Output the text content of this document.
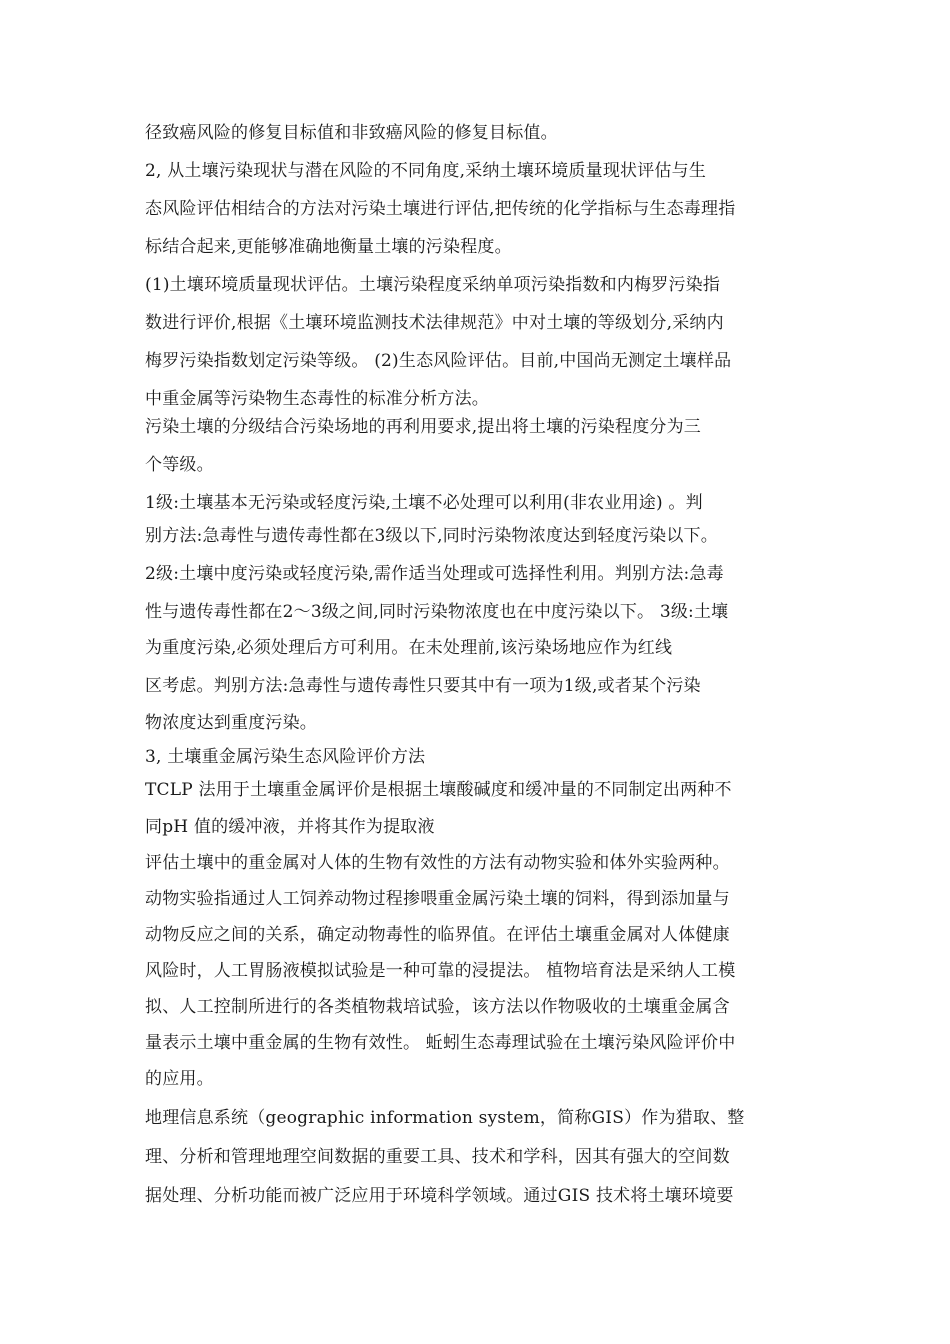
径致癌风险的修复目标值和非致癌风险的修复目标值。

2, 从土壤污染现状与潜在风险的不同角度,采纳土壤环境质量现状评估与生

态风险评估相结合的方法对污染土壤进行评估,把传统的化学指标与生态毒理指

标结合起来,更能够准确地衡量土壤的污染程度。

(1)土壤环境质量现状评估。土壤污染程度采纳单项污染指数和内梅罗污染指

数进行评价,根据《土壤环境监测技术法律规范》中对土壤的等级划分,采纳内

梅罗污染指数划定污染等级。 (2)生态风险评估。目前,中国尚无测定土壤样品

中重金属等污染物生态毒性的标准分析方法。

污染土壤的分级结合污染场地的再利用要求,提出将土壤的污染程度分为三

个等级。

1级:土壤基本无污染或轻度污染,土壤不必处理可以利用(非农业用途) 。判

别方法:急毒性与遗传毒性都在3级以下,同时污染物浓度达到轻度污染以下。

2级:土壤中度污染或轻度污染,需作适当处理或可选择性利用。判别方法:急毒

性与遗传毒性都在2～3级之间,同时污染物浓度也在中度污染以下。 3级:土壤

为重度污染,必须处理后方可利用。在未处理前,该污染场地应作为红线

区考虑。判别方法:急毒性与遗传毒性只要其中有一项为1级,或者某个污染

物浓度达到重度污染。

3, 土壤重金属污染生态风险评价方法

TCLP 法用于土壤重金属评价是根据土壤酸碱度和缓冲量的不同制定出两种不

同pH 值的缓冲液，并将其作为提取液

评估土壤中的重金属对人体的生物有效性的方法有动物实验和体外实验两种。

动物实验指通过人工饲养动物过程掺喂重金属污染土壤的饲料，得到添加量与

动物反应之间的关系，确定动物毒性的临界值。在评估土壤重金属对人体健康

风险时，人工胃肠液模拟试验是一种可靠的浸提法。 植物培育法是采纳人工模

拟、人工控制所进行的各类植物栽培试验，该方法以作物吸收的土壤重金属含

量表示土壤中重金属的生物有效性。 蚯蚓生态毒理试验在土壤污染风险评价中

的应用。

地理信息系统（geographic information system，简称GIS）作为猎取、整

理、分析和管理地理空间数据的重要工具、技术和学科，因其有强大的空间数

据处理、分析功能而被广泛应用于环境科学领域。通过GIS 技术将土壤环境要
